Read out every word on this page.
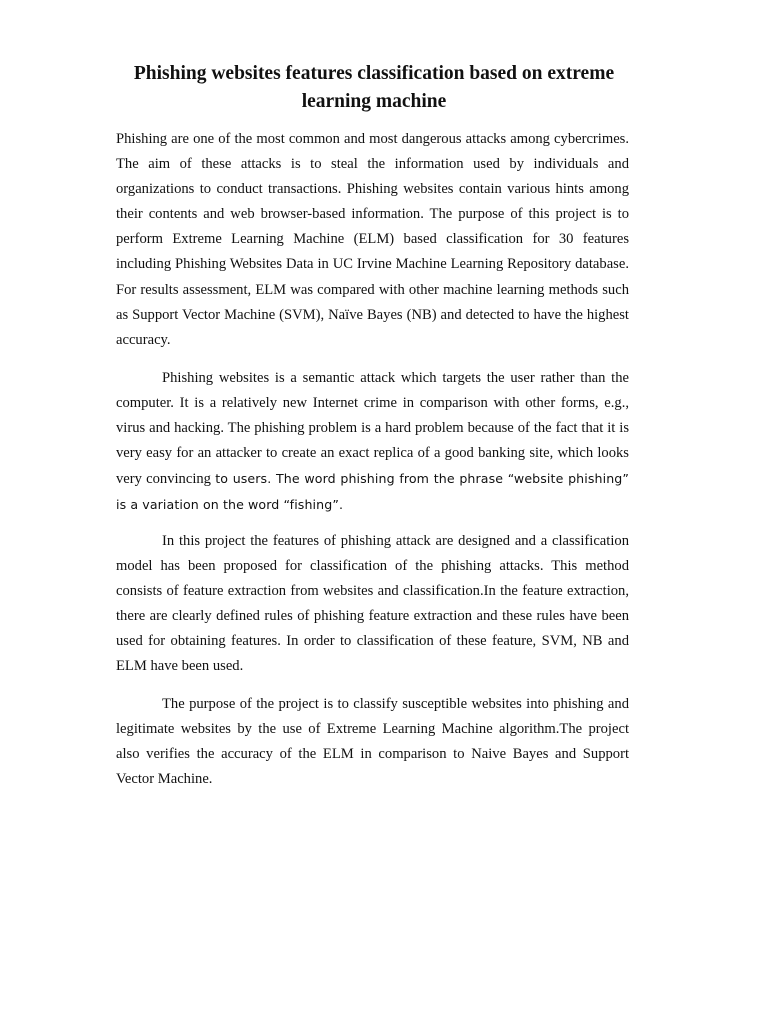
Phishing websites features classification based on extreme learning machine

Phishing are one of the most common and most dangerous attacks among cybercrimes. The aim of these attacks is to steal the information used by individuals and organizations to conduct transactions. Phishing websites contain various hints among their contents and web browser-based information. The purpose of this project is to perform Extreme Learning Machine (ELM) based classification for 30 features including Phishing Websites Data in UC Irvine Machine Learning Repository database. For results assessment, ELM was compared with other machine learning methods such as Support Vector Machine (SVM), Naïve Bayes (NB) and detected to have the highest accuracy.

Phishing websites is a semantic attack which targets the user rather than the computer. It is a relatively new Internet crime in comparison with other forms, e.g., virus and hacking. The phishing problem is a hard problem because of the fact that it is very easy for an attacker to create an exact replica of a good banking site, which looks very convincing to users. The word phishing from the phrase “website phishing” is a variation on the word “fishing”.

In this project the features of phishing attack are designed and a classification model has been proposed for classification of the phishing attacks. This method consists of feature extraction from websites and classification.In the feature extraction, there are clearly defined rules of phishing feature extraction and these rules have been used for obtaining features. In order to classification of these feature, SVM, NB and ELM have been used.

The purpose of the project is to classify susceptible websites into phishing and legitimate websites by the use of Extreme Learning Machine algorithm.The project also verifies the accuracy of the ELM in comparison to Naive Bayes and Support Vector Machine.
